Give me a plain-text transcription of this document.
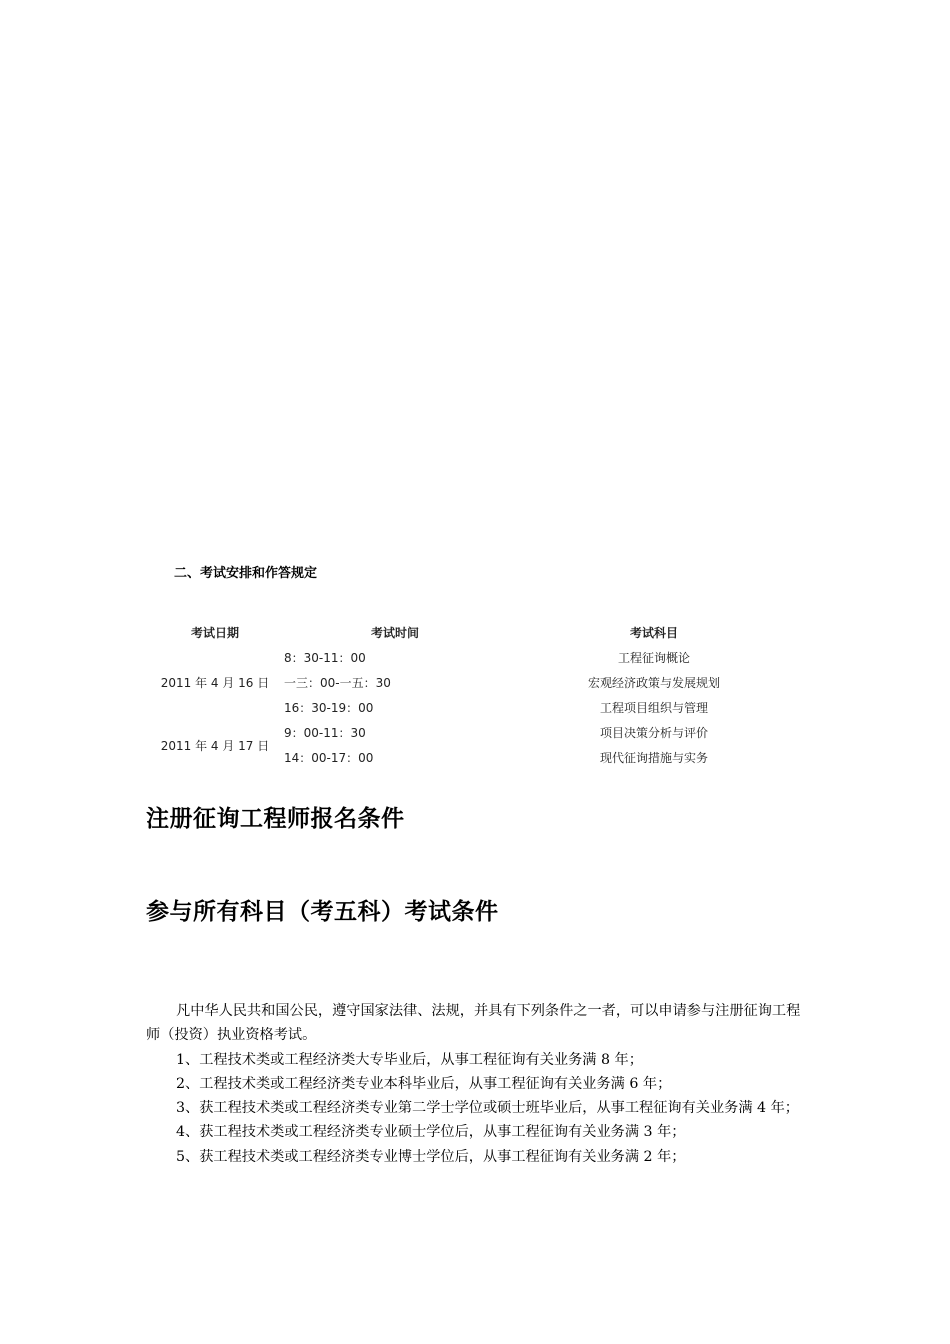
二、考试安排和作答规定
考试日期	考试时间	考试科目
2011 年 4 月 16 日	8：30-11：00	工程征询概论
	一三：00-一五：30	宏观经济政策与发展规划
	16：30-19：00	工程项目组织与管理
2011 年 4 月 17 日	9：00-11：30	项目决策分析与评价
	14：00-17：00	现代征询措施与实务
注册征询工程师报名条件
参与所有科目（考五科）考试条件

凡中华人民共和国公民，遵守国家法律、法规，并具有下列条件之一者，可以申请参与注册征询工程师（投资）执业资格考试。

1、工程技术类或工程经济类大专毕业后，从事工程征询有关业务满 8 年；

2、工程技术类或工程经济类专业本科毕业后，从事工程征询有关业务满 6 年；

3、获工程技术类或工程经济类专业第二学士学位或硕士班毕业后，从事工程征询有关业务满 4 年；

4、获工程技术类或工程经济类专业硕士学位后，从事工程征询有关业务满 3 年；

5、获工程技术类或工程经济类专业博士学位后，从事工程征询有关业务满 2 年；
